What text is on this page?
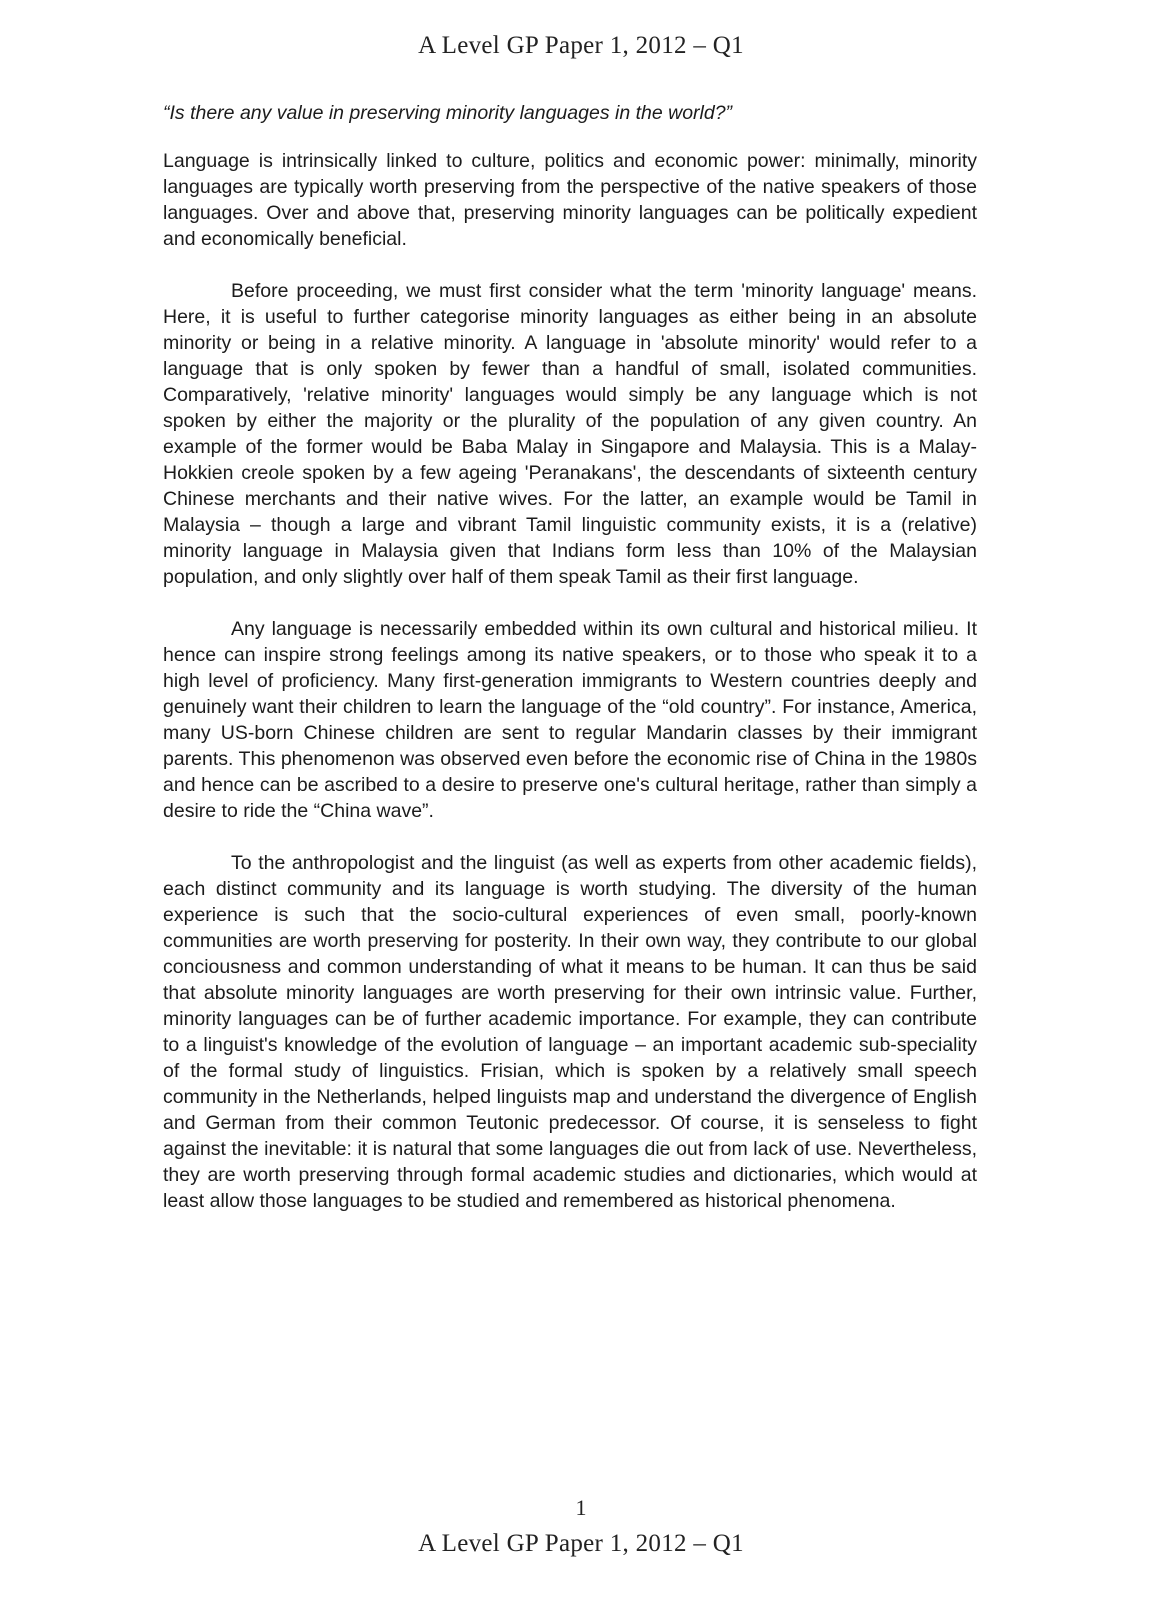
A Level GP Paper 1, 2012 – Q1

“Is there any value in preserving minority languages in the world?”

Language is intrinsically linked to culture, politics and economic power: minimally, minority languages are typically worth preserving from the perspective of the native speakers of those languages. Over and above that, preserving minority languages can be politically expedient and economically beneficial.

Before proceeding, we must first consider what the term 'minority language' means. Here, it is useful to further categorise minority languages as either being in an absolute minority or being in a relative minority. A language in 'absolute minority' would refer to a language that is only spoken by fewer than a handful of small, isolated communities. Comparatively, 'relative minority' languages would simply be any language which is not spoken by either the majority or the plurality of the population of any given country. An example of the former would be Baba Malay in Singapore and Malaysia. This is a Malay-Hokkien creole spoken by a few ageing 'Peranakans', the descendants of sixteenth century Chinese merchants and their native wives. For the latter, an example would be Tamil in Malaysia – though a large and vibrant Tamil linguistic community exists, it is a (relative) minority language in Malaysia given that Indians form less than 10% of the Malaysian population, and only slightly over half of them speak Tamil as their first language.

Any language is necessarily embedded within its own cultural and historical milieu. It hence can inspire strong feelings among its native speakers, or to those who speak it to a high level of proficiency. Many first-generation immigrants to Western countries deeply and genuinely want their children to learn the language of the “old country”. For instance, America, many US-born Chinese children are sent to regular Mandarin classes by their immigrant parents. This phenomenon was observed even before the economic rise of China in the 1980s and hence can be ascribed to a desire to preserve one's cultural heritage, rather than simply a desire to ride the “China wave”.

To the anthropologist and the linguist (as well as experts from other academic fields), each distinct community and its language is worth studying. The diversity of the human experience is such that the socio-cultural experiences of even small, poorly-known communities are worth preserving for posterity. In their own way, they contribute to our global conciousness and common understanding of what it means to be human. It can thus be said that absolute minority languages are worth preserving for their own intrinsic value. Further, minority languages can be of further academic importance. For example, they can contribute to a linguist's knowledge of the evolution of language – an important academic sub-speciality of the formal study of linguistics. Frisian, which is spoken by a relatively small speech community in the Netherlands, helped linguists map and understand the divergence of English and German from their common Teutonic predecessor. Of course, it is senseless to fight against the inevitable: it is natural that some languages die out from lack of use. Nevertheless, they are worth preserving through formal academic studies and dictionaries, which would at least allow those languages to be studied and remembered as historical phenomena.

1
A Level GP Paper 1, 2012 – Q1
